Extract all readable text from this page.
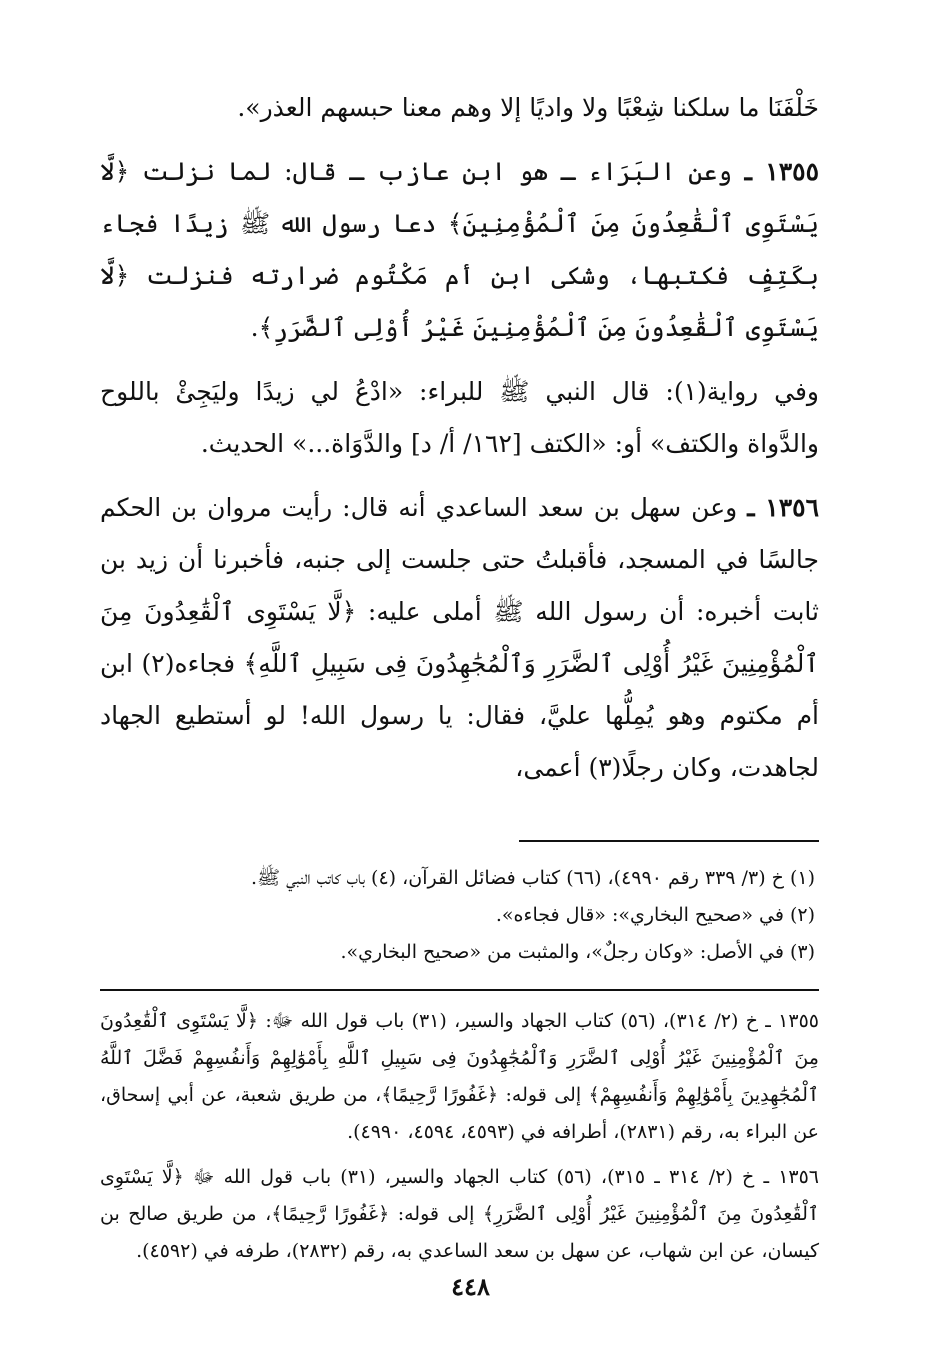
خَلْفَنَا ما سلكنا شِعْبًا ولا واديًا إلا وهم معنا حبسهم العذر».

١٣٥٥ ـ وعن البَرَاء ـ هو ابن عازب ـ قال: لما نزلت ﴿لَّا يَسْتَوِى ٱلْقَٰعِدُونَ مِنَ ٱلْمُؤْمِنِينَ﴾ دعا رسول الله ﷺ زيدًا فجاء بكَتِفٍ فكتبها، وشكى ابن أم مَكْتُوم ضرارته فنزلت ﴿لَّا يَسْتَوِى ٱلْقَٰعِدُونَ مِنَ ٱلْمُؤْمِنِينَ غَيْرُ أُوْلِى ٱلضَّرَرِ﴾.

وفي رواية(١): قال النبي ﷺ للبراء: «ادْعُ لي زيدًا وليَجِئْ باللوح والدَّواة والكتف» أو: «الكتف [١٦٢/ أ/ د] والدَّوَاة...» الحديث.

١٣٥٦ ـ وعن سهل بن سعد الساعدي أنه قال: رأيت مروان بن الحكم جالسًا في المسجد، فأقبلتُ حتى جلست إلى جنبه، فأخبرنا أن زيد بن ثابت أخبره: أن رسول الله ﷺ أملى عليه: ﴿لَّا يَسْتَوِى ٱلْقَٰعِدُونَ مِنَ ٱلْمُؤْمِنِينَ غَيْرُ أُوْلِى ٱلضَّرَرِ وَٱلْمُجَٰهِدُونَ فِى سَبِيلِ ٱللَّهِ﴾ فجاءه(٢) ابن أم مكتوم وهو يُمِلُّها عليَّ، فقال: يا رسول الله! لو أستطيع الجهاد لجاهدت، وكان رجلًا(٣) أعمى،

(١) خ (٣/ ٣٣٩ رقم ٤٩٩٠)، (٦٦) كتاب فضائل القرآن، (٤) باب كاتب النبي ﷺ.

(٢) في «صحيح البخاري»: «قال فجاءه».

(٣) في الأصل: «وكان رجلٌ»، والمثبت من «صحيح البخاري».

١٣٥٥ ـ خ (٢/ ٣١٤)، (٥٦) كتاب الجهاد والسير، (٣١) باب قول الله ﷻ: ﴿لَّا يَسْتَوِى ٱلْقَٰعِدُونَ مِنَ ٱلْمُؤْمِنِينَ غَيْرُ أُوْلِى ٱلضَّرَرِ وَٱلْمُجَٰهِدُونَ فِى سَبِيلِ ٱللَّهِ بِأَمْوَٰلِهِمْ وَأَنفُسِهِمْ فَضَّلَ ٱللَّهُ ٱلْمُجَٰهِدِينَ بِأَمْوَٰلِهِمْ وَأَنفُسِهِمْ﴾ إلى قوله: ﴿غَفُورًا رَّحِيمًا﴾، من طريق شعبة، عن أبي إسحاق، عن البراء به، رقم (٢٨٣١)، أطرافه في (٤٥٩٣، ٤٥٩٤، ٤٩٩٠).

١٣٥٦ ـ خ (٢/ ٣١٤ ـ ٣١٥)، (٥٦) كتاب الجهاد والسير، (٣١) باب قول الله ﷻ ﴿لَّا يَسْتَوِى ٱلْقَٰعِدُونَ مِنَ ٱلْمُؤْمِنِينَ غَيْرُ أُوْلِى ٱلضَّرَرِ﴾ إلى قوله: ﴿غَفُورًا رَّحِيمًا﴾، من طريق صالح بن كيسان، عن ابن شهاب، عن سهل بن سعد الساعدي به، رقم (٢٨٣٢)، طرفه في (٤٥٩٢).

٤٤٨
